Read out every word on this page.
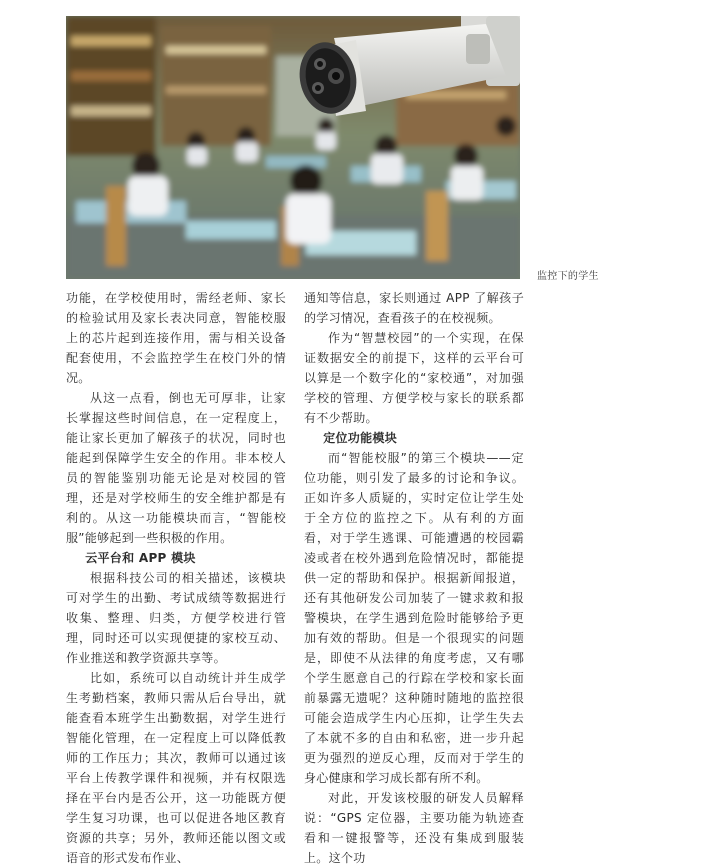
监控下的学生

功能，在学校使用时，需经老师、家长的检验试用及家长表决同意，智能校服上的芯片起到连接作用，需与相关设备配套使用，不会监控学生在校门外的情况。

从这一点看，倒也无可厚非，让家长掌握这些时间信息，在一定程度上，能让家长更加了解孩子的状况，同时也能起到保障学生安全的作用。非本校人员的智能鉴别功能无论是对校园的管理，还是对学校师生的安全维护都是有利的。从这一功能模块而言，“智能校服”能够起到一些积极的作用。

云平台和 APP 模块

根据科技公司的相关描述，该模块可对学生的出勤、考试成绩等数据进行收集、整理、归类，方便学校进行管理，同时还可以实现便捷的家校互动、作业推送和教学资源共享等。

比如，系统可以自动统计并生成学生考勤档案，教师只需从后台导出，就能查看本班学生出勤数据，对学生进行智能化管理，在一定程度上可以降低教师的工作压力；其次，教师可以通过该平台上传教学课件和视频，并有权限选择在平台内是否公开，这一功能既方便学生复习功课，也可以促进各地区教育资源的共享；另外，教师还能以图文或语音的形式发布作业、

通知等信息，家长则通过 APP 了解孩子的学习情况，查看孩子的在校视频。

作为“智慧校园”的一个实现，在保证数据安全的前提下，这样的云平台可以算是一个数字化的“家校通”，对加强学校的管理、方便学校与家长的联系都有不少帮助。

定位功能模块

而“智能校服”的第三个模块——定位功能，则引发了最多的讨论和争议。正如许多人质疑的，实时定位让学生处于全方位的监控之下。从有利的方面看，对于学生逃课、可能遭遇的校园霸凌或者在校外遇到危险情况时，都能提供一定的帮助和保护。根据新闻报道，还有其他研发公司加装了一键求救和报警模块，在学生遇到危险时能够给予更加有效的帮助。但是一个很现实的问题是，即使不从法律的角度考虑，又有哪个学生愿意自己的行踪在学校和家长面前暴露无遗呢？这种随时随地的监控很可能会造成学生内心压抑，让学生失去了本就不多的自由和私密，进一步升起更为强烈的逆反心理，反而对于学生的身心健康和学习成长都有所不利。

对此，开发该校服的研发人员解释说：“GPS 定位器，主要功能为轨迹查看和一键报警等，还没有集成到服装上。这个功
